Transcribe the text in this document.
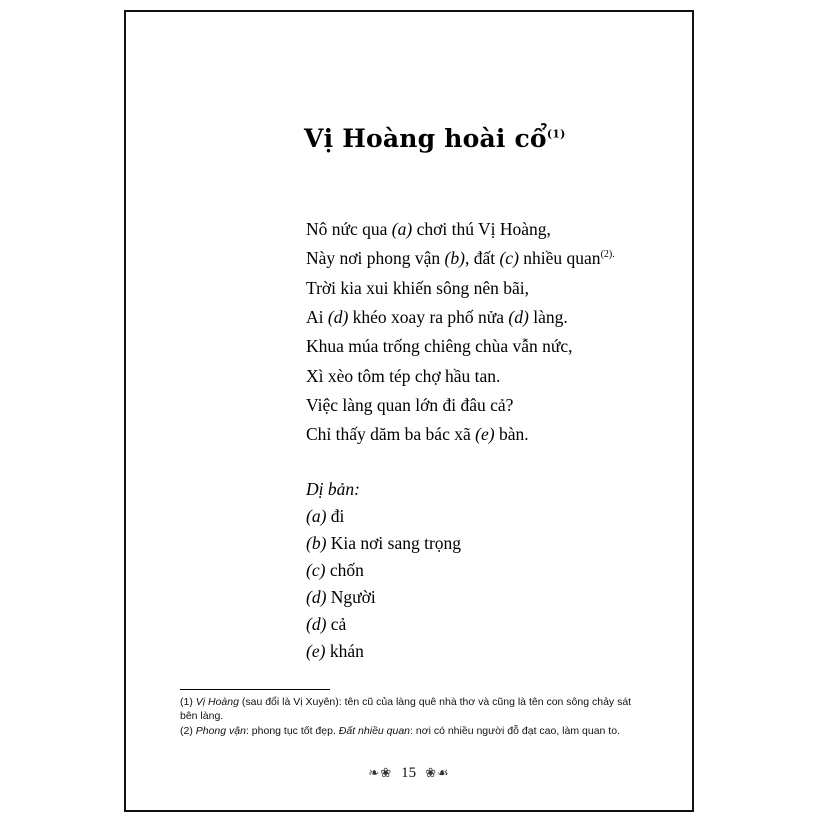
Vị Hoàng hoài cổ$^{(1)}$
Nô nức qua (a) chơi thú Vị Hoàng,
Này nơi phong vận (b), đất (c) nhiều quan$^{(2).}$
Trời kia xui khiến sông nên bãi,
Ai (d) khéo xoay ra phố nửa (d) làng.
Khua múa trống chiêng chùa vẫn nức,
Xì xèo tôm tép chợ hầu tan.
Việc làng quan lớn đi đâu cả?
Chỉ thấy dăm ba bác xã (e) bàn.
Dị bản:
(a) đi
(b) Kia nơi sang trọng
(c) chốn
(d) Người
(d) cả
(e) khán

(1) Vị Hoàng (sau đổi là Vị Xuyên): tên cũ của làng quê nhà thơ và cũng là tên con sông chảy sát bên làng.

(2) Phong vận: phong tục tốt đẹp. Đất nhiều quan: nơi có nhiều người đỗ đạt cao, làm quan to.

❧❀ 15 ❀☙
